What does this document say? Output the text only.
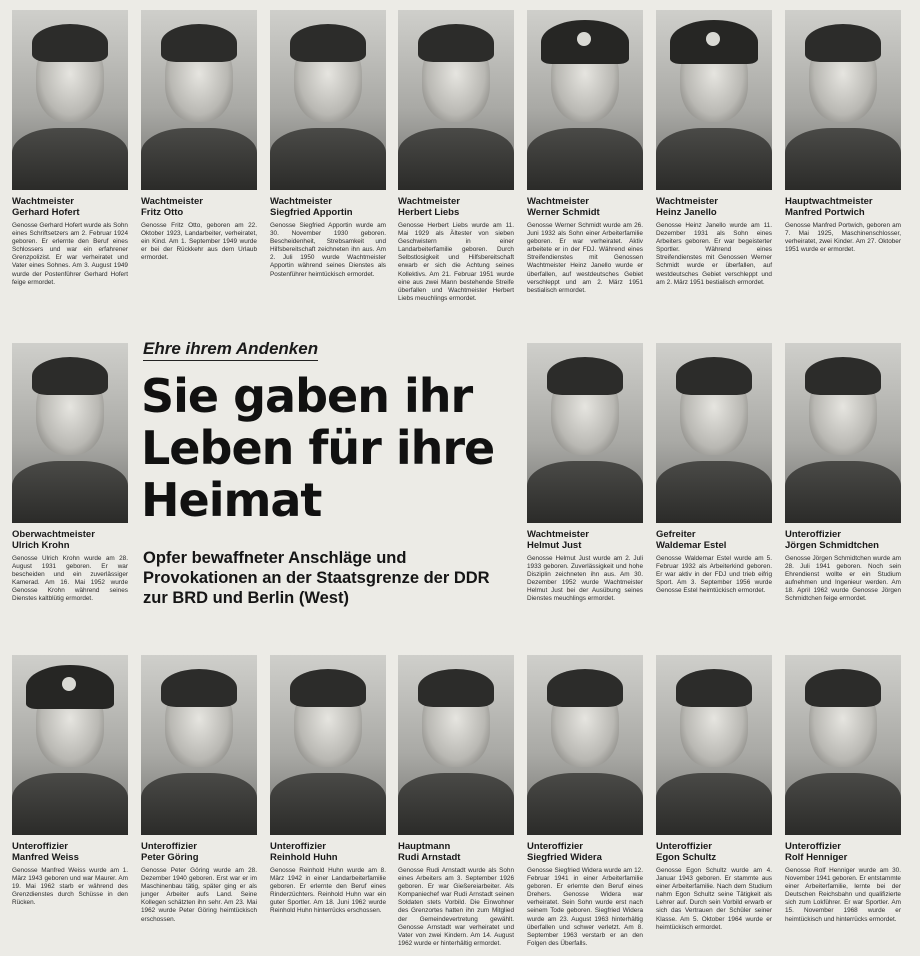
Wachtmeister
Gerhard Hofert
Genosse Gerhard Hofert wurde als Sohn eines Schriftsetzers am 2. Februar 1924 geboren. Er erlernte den Beruf eines Schlossers und war ein erfahrener Grenzpolizist. Er war verheiratet und Vater eines Sohnes. Am 3. August 1949 wurde der Postenführer Gerhard Hofert feige ermordet.
Wachtmeister
Fritz Otto
Genosse Fritz Otto, geboren am 22. Oktober 1923, Landarbeiter, verheiratet, ein Kind. Am 1. September 1949 wurde er bei der Rückkehr aus dem Urlaub ermordet.
Wachtmeister
Siegfried Apportin
Genosse Siegfried Apportin wurde am 30. November 1930 geboren. Bescheidenheit, Strebsamkeit und Hilfsbereitschaft zeichneten ihn aus. Am 2. Juli 1950 wurde Wachtmeister Apportin während seines Dienstes als Postenführer heimtückisch ermordet.
Wachtmeister
Herbert Liebs
Genosse Herbert Liebs wurde am 11. Mai 1929 als Ältester von sieben Geschwistern in einer Landarbeiterfamilie geboren. Durch Selbstlosigkeit und Hilfsbereitschaft erwarb er sich die Achtung seines Kollektivs. Am 21. Februar 1951 wurde eine aus zwei Mann bestehende Streife überfallen und Wachtmeister Herbert Liebs meuchlings ermordet.
Wachtmeister
Werner Schmidt
Genosse Werner Schmidt wurde am 26. Juni 1932 als Sohn einer Arbeiterfamilie geboren. Er war verheiratet. Aktiv arbeitete er in der FDJ. Während eines Streifendienstes mit Genossen Wachtmeister Heinz Janello wurde er überfallen, auf westdeutsches Gebiet verschleppt und am 2. März 1951 bestialisch ermordet.
Wachtmeister
Heinz Janello
Genosse Heinz Janello wurde am 11. Dezember 1931 als Sohn eines Arbeiters geboren. Er war begeisterter Sportler. Während eines Streifendienstes mit Genossen Werner Schmidt wurde er überfallen, auf westdeutsches Gebiet verschleppt und am 2. März 1951 bestialisch ermordet.
Hauptwachtmeister
Manfred Portwich
Genosse Manfred Portwich, geboren am 7. Mai 1925, Maschinenschlosser, verheiratet, zwei Kinder. Am 27. Oktober 1951 wurde er ermordet.
Oberwachtmeister
Ulrich Krohn
Genosse Ulrich Krohn wurde am 28. August 1931 geboren. Er war bescheiden und ein zuverlässiger Kamerad. Am 16. Mai 1952 wurde Genosse Krohn während seines Dienstes kaltblütig ermordet.
Wachtmeister
Helmut Just
Genosse Helmut Just wurde am 2. Juli 1933 geboren. Zuverlässigkeit und hohe Disziplin zeichneten ihn aus. Am 30. Dezember 1952 wurde Wachtmeister Helmut Just bei der Ausübung seines Dienstes meuchlings ermordet.
Gefreiter
Waldemar Estel
Genosse Waldemar Estel wurde am 5. Februar 1932 als Arbeiterkind geboren. Er war aktiv in der FDJ und trieb eifrig Sport. Am 3. September 1956 wurde Genosse Estel heimtückisch ermordet.
Unteroffizier
Jörgen Schmidtchen
Genosse Jörgen Schmidtchen wurde am 28. Juli 1941 geboren. Noch sein Ehrendienst wollte er ein Studium aufnehmen und Ingenieur werden. Am 18. April 1962 wurde Genosse Jörgen Schmidtchen feige ermordet.
Unteroffizier
Manfred Weiss
Genosse Manfred Weiss wurde am 1. März 1943 geboren und war Maurer. Am 19. Mai 1962 starb er während des Grenzdienstes durch Schüsse in den Rücken.
Unteroffizier
Peter Göring
Genosse Peter Göring wurde am 28. Dezember 1940 geboren. Erst war er im Maschinenbau tätig, später ging er als junger Arbeiter aufs Land. Seine Kollegen schätzten ihn sehr. Am 23. Mai 1962 wurde Peter Göring heimtückisch erschossen.
Unteroffizier
Reinhold Huhn
Genosse Reinhold Huhn wurde am 8. März 1942 in einer Landarbeiterfamilie geboren. Er erlernte den Beruf eines Rinderzüchters. Reinhold Huhn war ein guter Sportler. Am 18. Juni 1962 wurde Reinhold Huhn hinterrücks erschossen.
Hauptmann
Rudi Arnstadt
Genosse Rudi Arnstadt wurde als Sohn eines Arbeiters am 3. September 1926 geboren. Er war Gießereiarbeiter. Als Kompaniechef war Rudi Arnstadt seinen Soldaten stets Vorbild. Die Einwohner des Grenzortes hatten ihn zum Mitglied der Gemeindevertretung gewählt. Genosse Arnstadt war verheiratet und Vater von zwei Kindern. Am 14. August 1962 wurde er hinterhältig ermordet.
Unteroffizier
Siegfried Widera
Genosse Siegfried Widera wurde am 12. Februar 1941 in einer Arbeiterfamilie geboren. Er erlernte den Beruf eines Drehers. Genosse Widera war verheiratet. Sein Sohn wurde erst nach seinem Tode geboren. Siegfried Widera wurde am 23. August 1963 hinterhältig überfallen und schwer verletzt. Am 8. September 1963 verstarb er an den Folgen des Überfalls.
Unteroffizier
Egon Schultz
Genosse Egon Schultz wurde am 4. Januar 1943 geboren. Er stammte aus einer Arbeiterfamilie. Nach dem Studium nahm Egon Schultz seine Tätigkeit als Lehrer auf. Durch sein Vorbild erwarb er sich das Vertrauen der Schüler seiner Klasse. Am 5. Oktober 1964 wurde er heimtückisch ermordet.
Unteroffizier
Rolf Henniger
Genosse Rolf Henniger wurde am 30. November 1941 geboren. Er entstammte einer Arbeiterfamilie, lernte bei der Deutschen Reichsbahn und qualifizierte sich zum Lokführer. Er war Sportler. Am 15. November 1968 wurde er heimtückisch und hinterrücks ermordet.
Ehre ihrem Andenken
Sie gaben ihr Leben für ihre Heimat
Opfer bewaffneter Anschläge und Provokationen an der Staatsgrenze der DDR zur BRD und Berlin (West)
